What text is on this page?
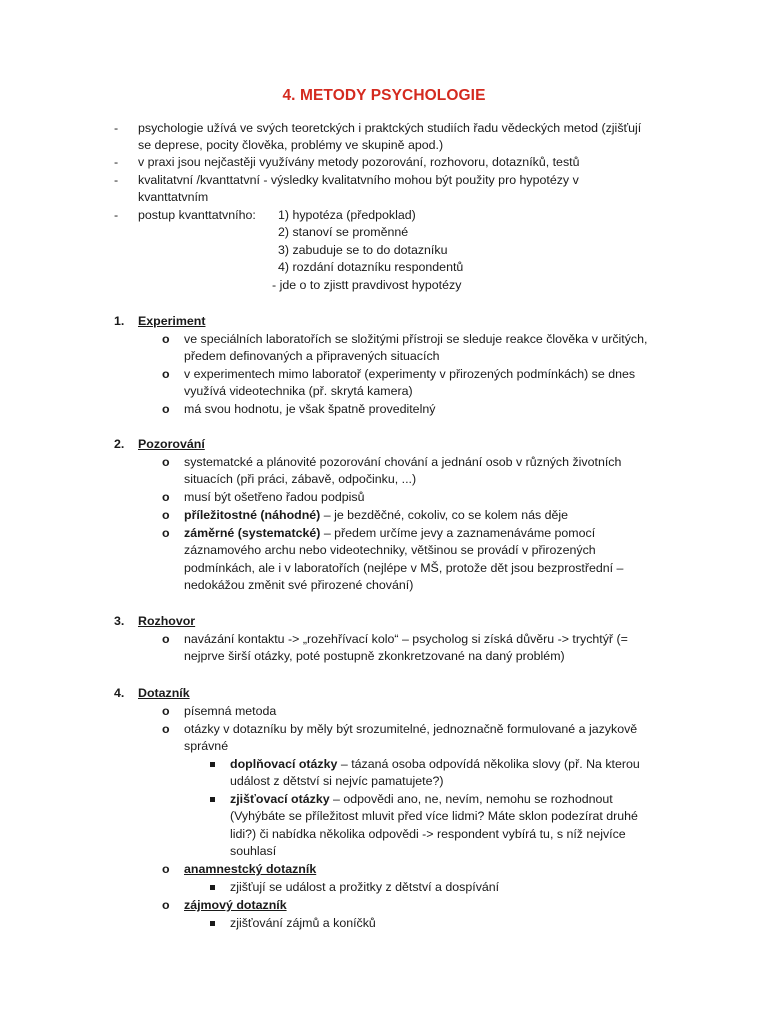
4. METODY PSYCHOLOGIE
- psychologie užívá ve svých teoretckých i praktckých studiích řadu vědeckých metod (zjišťují
se deprese, pocity člověka, problémy ve skupině apod.)
- v praxi jsou nejčastěji využívány metody pozorování, rozhovoru, dotazníků, testů
- kvalitatvní /kvanttatvní - výsledky kvalitatvního mohou být použity pro hypotézy v
kvanttatvním
- postup kvanttatvního: 1) hypotéza (předpoklad)
2) stanoví se proměnné
3) zabuduje se to do dotazníku
4) rozdání dotazníku respondentů
- jde o to zjistt pravdivost hypotézy
1. Experiment
o ve speciálních laboratořích se složitými přístroji se sleduje reakce člověka v určitých,
předem definovaných a připravených situacích
o v experimentech mimo laboratoř (experimenty v přirozených podmínkách) se dnes
využívá videotechnika (př. skrytá kamera)
o má svou hodnotu, je však špatně proveditelný
2. Pozorování
o systematcké a plánovité pozorování chování a jednání osob v různých životních
situacích (při práci, zábavě, odpočinku, ...)
o musí být ošetřeno řadou podpisů
o příležitostné (náhodné) – je bezděčné, cokoliv, co se kolem nás děje
o záměrné (systematcké) – předem určíme jevy a zaznamenáváme pomocí
záznamového archu nebo videotechniky, většinou se provádí v přirozených
podmínkách, ale i v laboratořích (nejlépe v MŠ, protože dět jsou bezprostřední –
nedokážou změnit své přirozené chování)
3. Rozhovor
o navázání kontaktu -> „rozehřívací kolo“ – psycholog si získá důvěru -> trychtýř (=
nejprve širší otázky, poté postupně zkonkretzované na daný problém)
4. Dotazník
o písemná metoda
o otázky v dotazníku by měly být srozumitelné, jednoznačně formulované a jazykově
správné
doplňovací otázky – tázaná osoba odpovídá několika slovy (př. Na kterou
událost z dětství si nejvíc pamatujete?)
zjišťovací otázky – odpovědi ano, ne, nevím, nemohu se rozhodnout
(Vyhýbáte se příležitost mluvit před více lidmi? Máte sklon podezírat druhé
lidi?) či nabídka několika odpovědi -> respondent vybírá tu, s níž nejvíce
souhlasí
o anamnestcký dotazník
zjišťují se událost a prožitky z dětství a dospívání
o zájmový dotazník
zjišťování zájmů a koníčků
